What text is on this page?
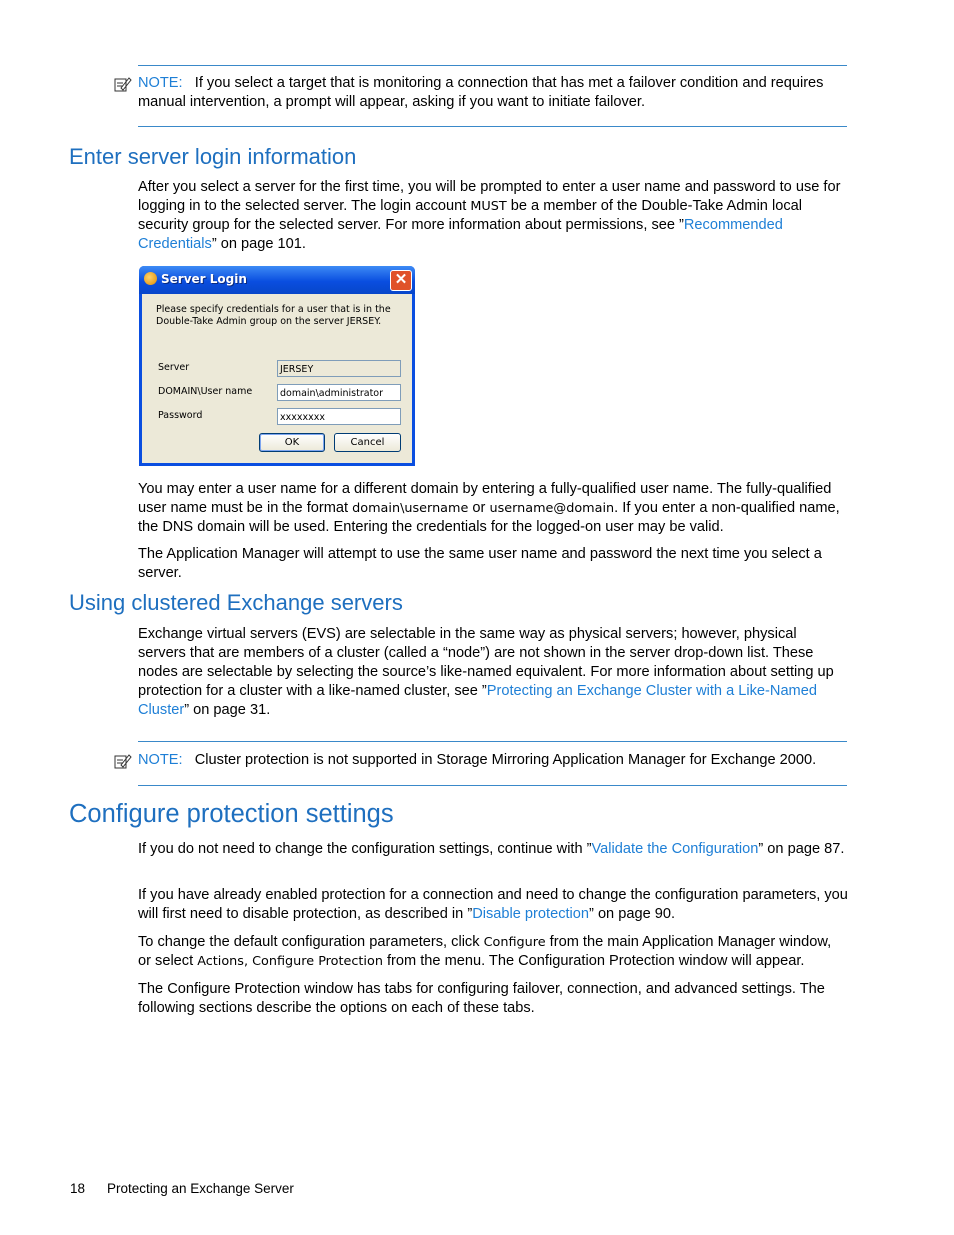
NOTE: If you select a target that is monitoring a connection that has met a failover condition and requires manual intervention, a prompt will appear, asking if you want to initiate failover.
Enter server login information

After you select a server for the first time, you will be prompted to enter a user name and password to use for logging in to the selected server. The login account MUST be a member of the Double-Take Admin local security group for the selected server. For more information about permissions, see ”Recommended Credentials” on page 101.

Server Login	✕
Please specify credentials for a user that is in the
Double-Take Admin group on the server JERSEY.
Server	JERSEY
DOMAIN\User name	domain\administrator
Password	xxxxxxxx
OK	Cancel

You may enter a user name for a different domain by entering a fully-qualified user name. The fully-qualified user name must be in the format domain\username or username@domain. If you enter a non-qualified name, the DNS domain will be used. Entering the credentials for the logged-on user may be valid.

The Application Manager will attempt to use the same user name and password the next time you select a server.

Using clustered Exchange servers

Exchange virtual servers (EVS) are selectable in the same way as physical servers; however, physical servers that are members of a cluster (called a “node”) are not shown in the server drop-down list. These nodes are selectable by selecting the source’s like-named equivalent. For more information about setting up protection for a cluster with a like-named cluster, see ”Protecting an Exchange Cluster with a Like-Named Cluster” on page 31.

NOTE: Cluster protection is not supported in Storage Mirroring Application Manager for Exchange 2000.
Configure protection settings

If you do not need to change the configuration settings, continue with ”Validate the Configuration” on page 87.

If you have already enabled protection for a connection and need to change the configuration parameters, you will first need to disable protection, as described in ”Disable protection” on page 90.

To change the default configuration parameters, click Configure from the main Application Manager window, or select Actions, Configure Protection from the menu. The Configuration Protection window will appear.

The Configure Protection window has tabs for configuring failover, connection, and advanced settings. The following sections describe the options on each of these tabs.

18 Protecting an Exchange Server
